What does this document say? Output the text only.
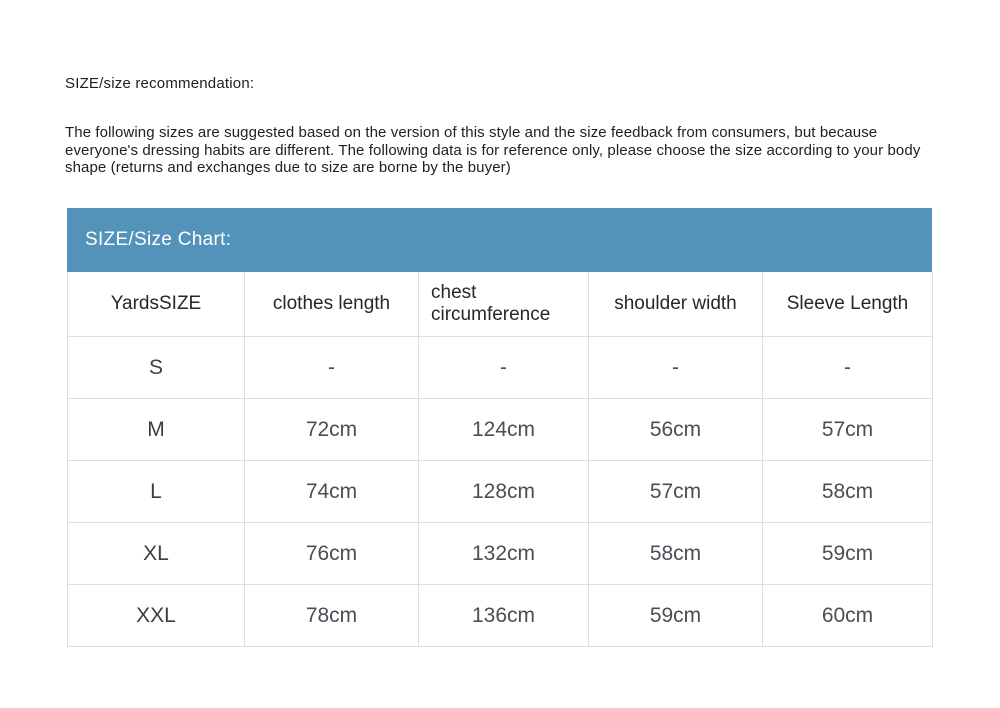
SIZE/size recommendation:
The following sizes are suggested based on the version of this style and the size feedback from consumers, but because everyone's dressing habits are different. The following data is for reference only, please choose the size according to your body shape (returns and exchanges due to size are borne by the buyer)
SIZE/Size Chart:
YardsSIZE	clothes length	chest circumference	shoulder width	Sleeve Length
S	-	-	-	-
M	72cm	124cm	56cm	57cm
L	74cm	128cm	57cm	58cm
XL	76cm	132cm	58cm	59cm
XXL	78cm	136cm	59cm	60cm
